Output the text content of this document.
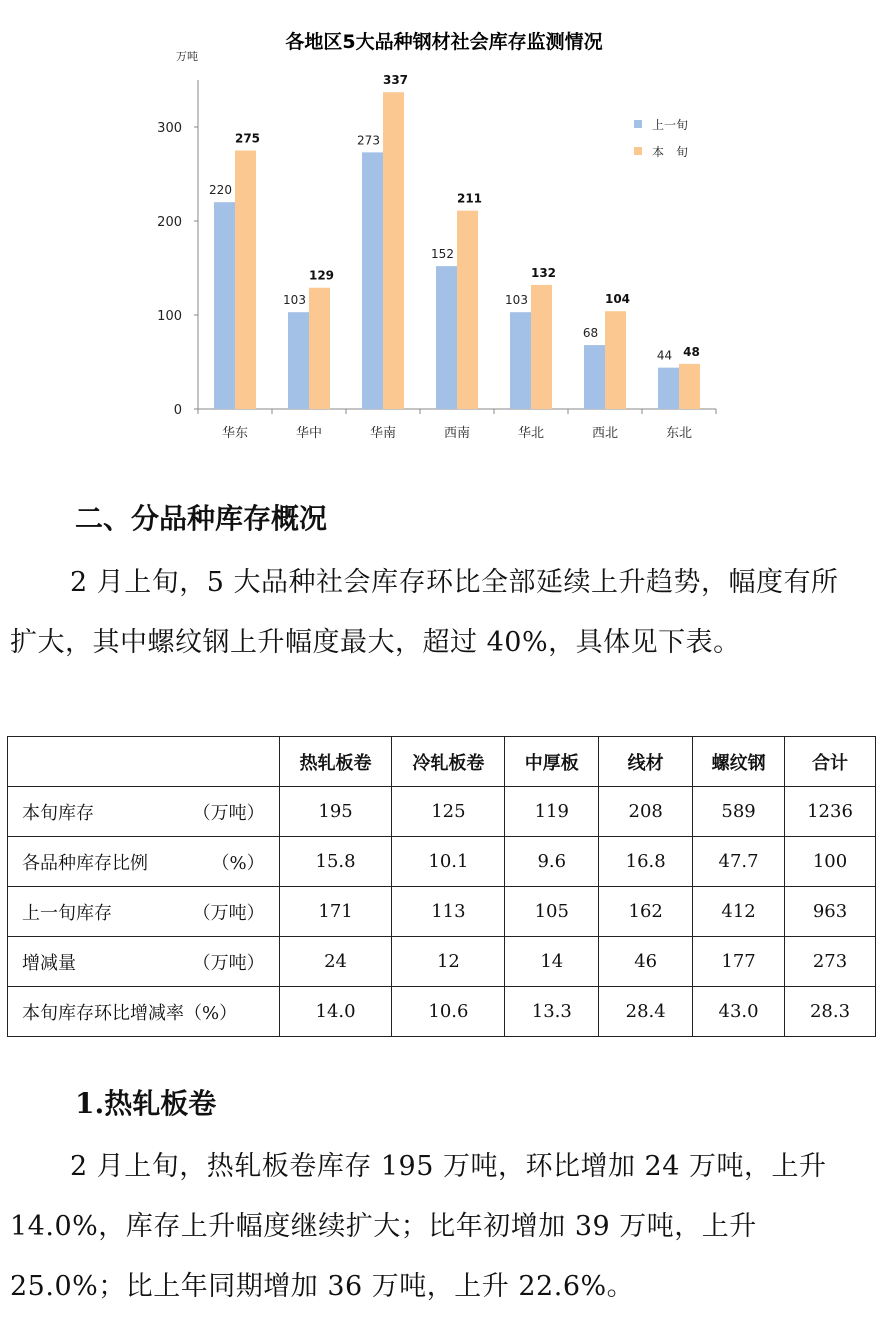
各地区5大品种钢材社会库存监测情况
万吨
0
100
200
300
220
275
103
129
273
337
152
211
103
132
68
104
44 48
华东	华中	华南	西南	华北	西北	东北
上一旬
本　旬
二、分品种库存概况

2 月上旬，5 大品种社会库存环比全部延续上升趋势，幅度有所扩大，其中螺纹钢上升幅度最大，超过 40%，具体见下表。

	热轧板卷	冷轧板卷	中厚板	线材	螺纹钢	合计
本旬库存 （万吨）	195	125	119	208	589	1236
各品种库存比例 （%）	15.8	10.1	9.6	16.8	47.7	100
上一旬库存 （万吨）	171	113	105	162	412	963
增减量 （万吨）	24	12	14	46	177	273
本旬库存环比增减率（%）	14.0	10.6	13.3	28.4	43.0	28.3
1.热轧板卷

2 月上旬，热轧板卷库存 195 万吨，环比增加 24 万吨，上升 14.0%，库存上升幅度继续扩大；比年初增加 39 万吨，上升 25.0%；比上年同期增加 36 万吨，上升 22.6%。
